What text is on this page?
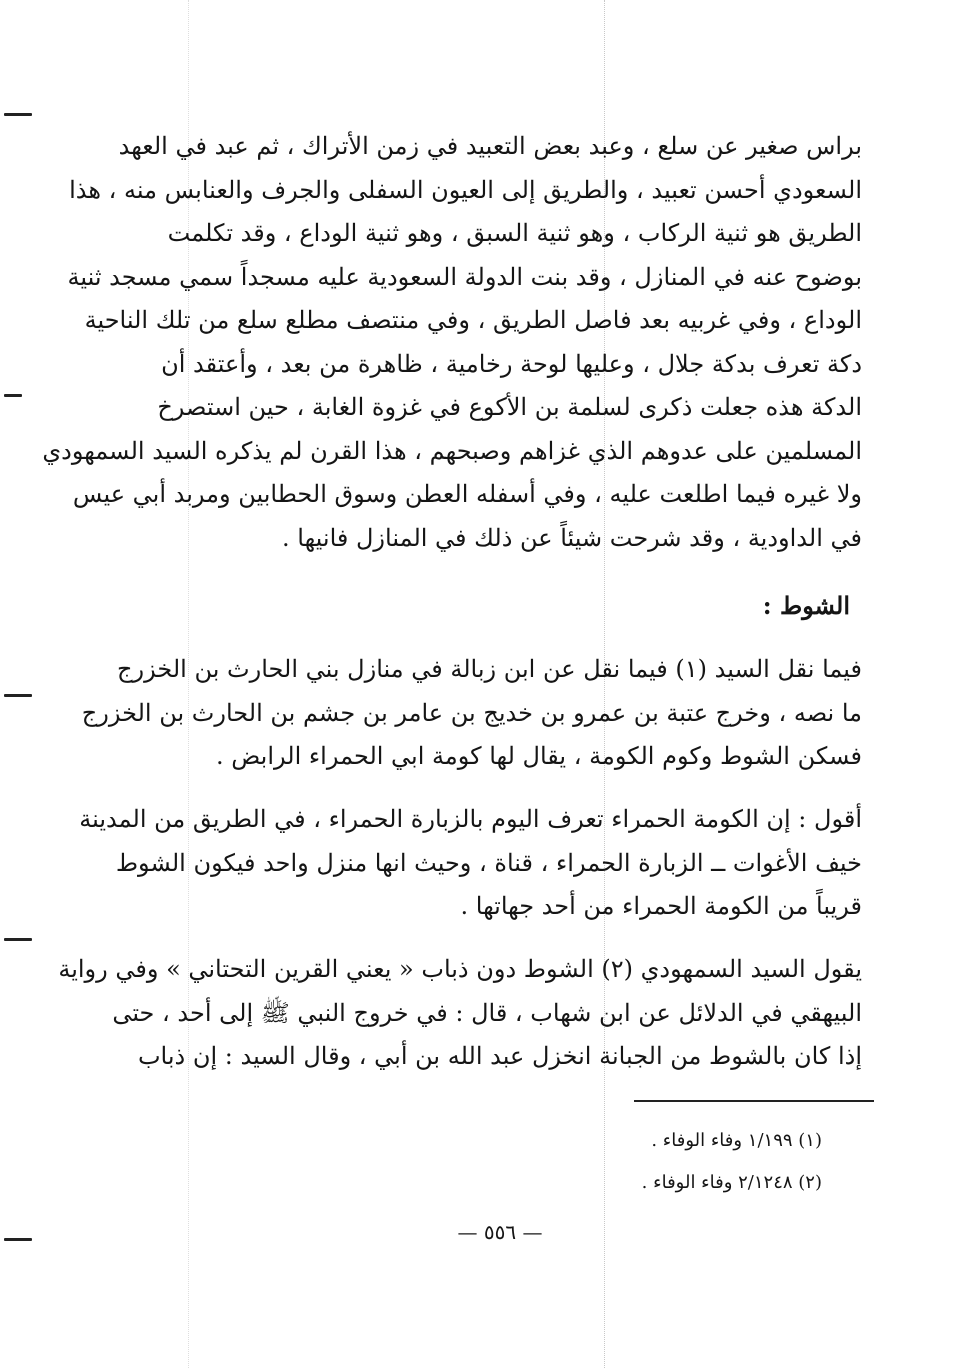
براس صغير عن سلع ، وعبد بعض التعبيد في زمن الأتراك ، ثم عبد في العهد
السعودي أحسن تعبيد ، والطريق إلى العيون السفلى والجرف والعنابس منه ، هذا
الطريق هو ثنية الركاب ، وهو ثنية السبق ، وهو ثنية الوداع ، وقد تكلمت
بوضوح عنه في المنازل ، وقد بنت الدولة السعودية عليه مسجداً سمي مسجد ثنية
الوداع ، وفي غربيه بعد فاصل الطريق ، وفي منتصف مطلع سلع من تلك الناحية
دكة تعرف بدكة جلال ، وعليها لوحة رخامية ، ظاهرة من بعد ، وأعتقد أن
الدكة هذه جعلت ذكرى لسلمة بن الأكوع في غزوة الغابة ، حين استصرخ
المسلمين على عدوهم الذي غزاهم وصبحهم ، هذا القرن لم يذكره السيد السمهودي
ولا غيره فيما اطلعت عليه ، وفي أسفله العطن وسوق الحطابين ومربد أبي عيس
في الداودية ، وقد شرحت شيئاً عن ذلك في المنازل فانيها .
الشوط :
فيما نقل السيد (١) فيما نقل عن ابن زبالة في منازل بني الحارث بن الخزرج
ما نصه ، وخرج عتبة بن عمرو بن خديج بن عامر بن جشم بن الحارث بن الخزرج
فسكن الشوط وكوم الكومة ، يقال لها كومة ابي الحمراء الرابض .
أقول : إن الكومة الحمراء تعرف اليوم بالزبارة الحمراء ، في الطريق من المدينة
خيف الأغوات ــ الزبارة الحمراء ، قناة ، وحيث انها منزل واحد فيكون الشوط
قريباً من الكومة الحمراء من أحد جهاتها .
يقول السيد السمهودي (٢) الشوط دون ذباب « يعني القرين التحتاني » وفي رواية
البيهقي في الدلائل عن ابن شهاب ، قال : في خروج النبي ﷺ إلى أحد ، حتى
إذا كان بالشوط من الجبانة انخزل عبد الله بن أبي ، وقال السيد : إن ذباب
(١) ١/١٩٩ وفاء الوفاء .
(٢) ٢/١٢٤٨ وفاء الوفاء .
— ٥٥٦ —
